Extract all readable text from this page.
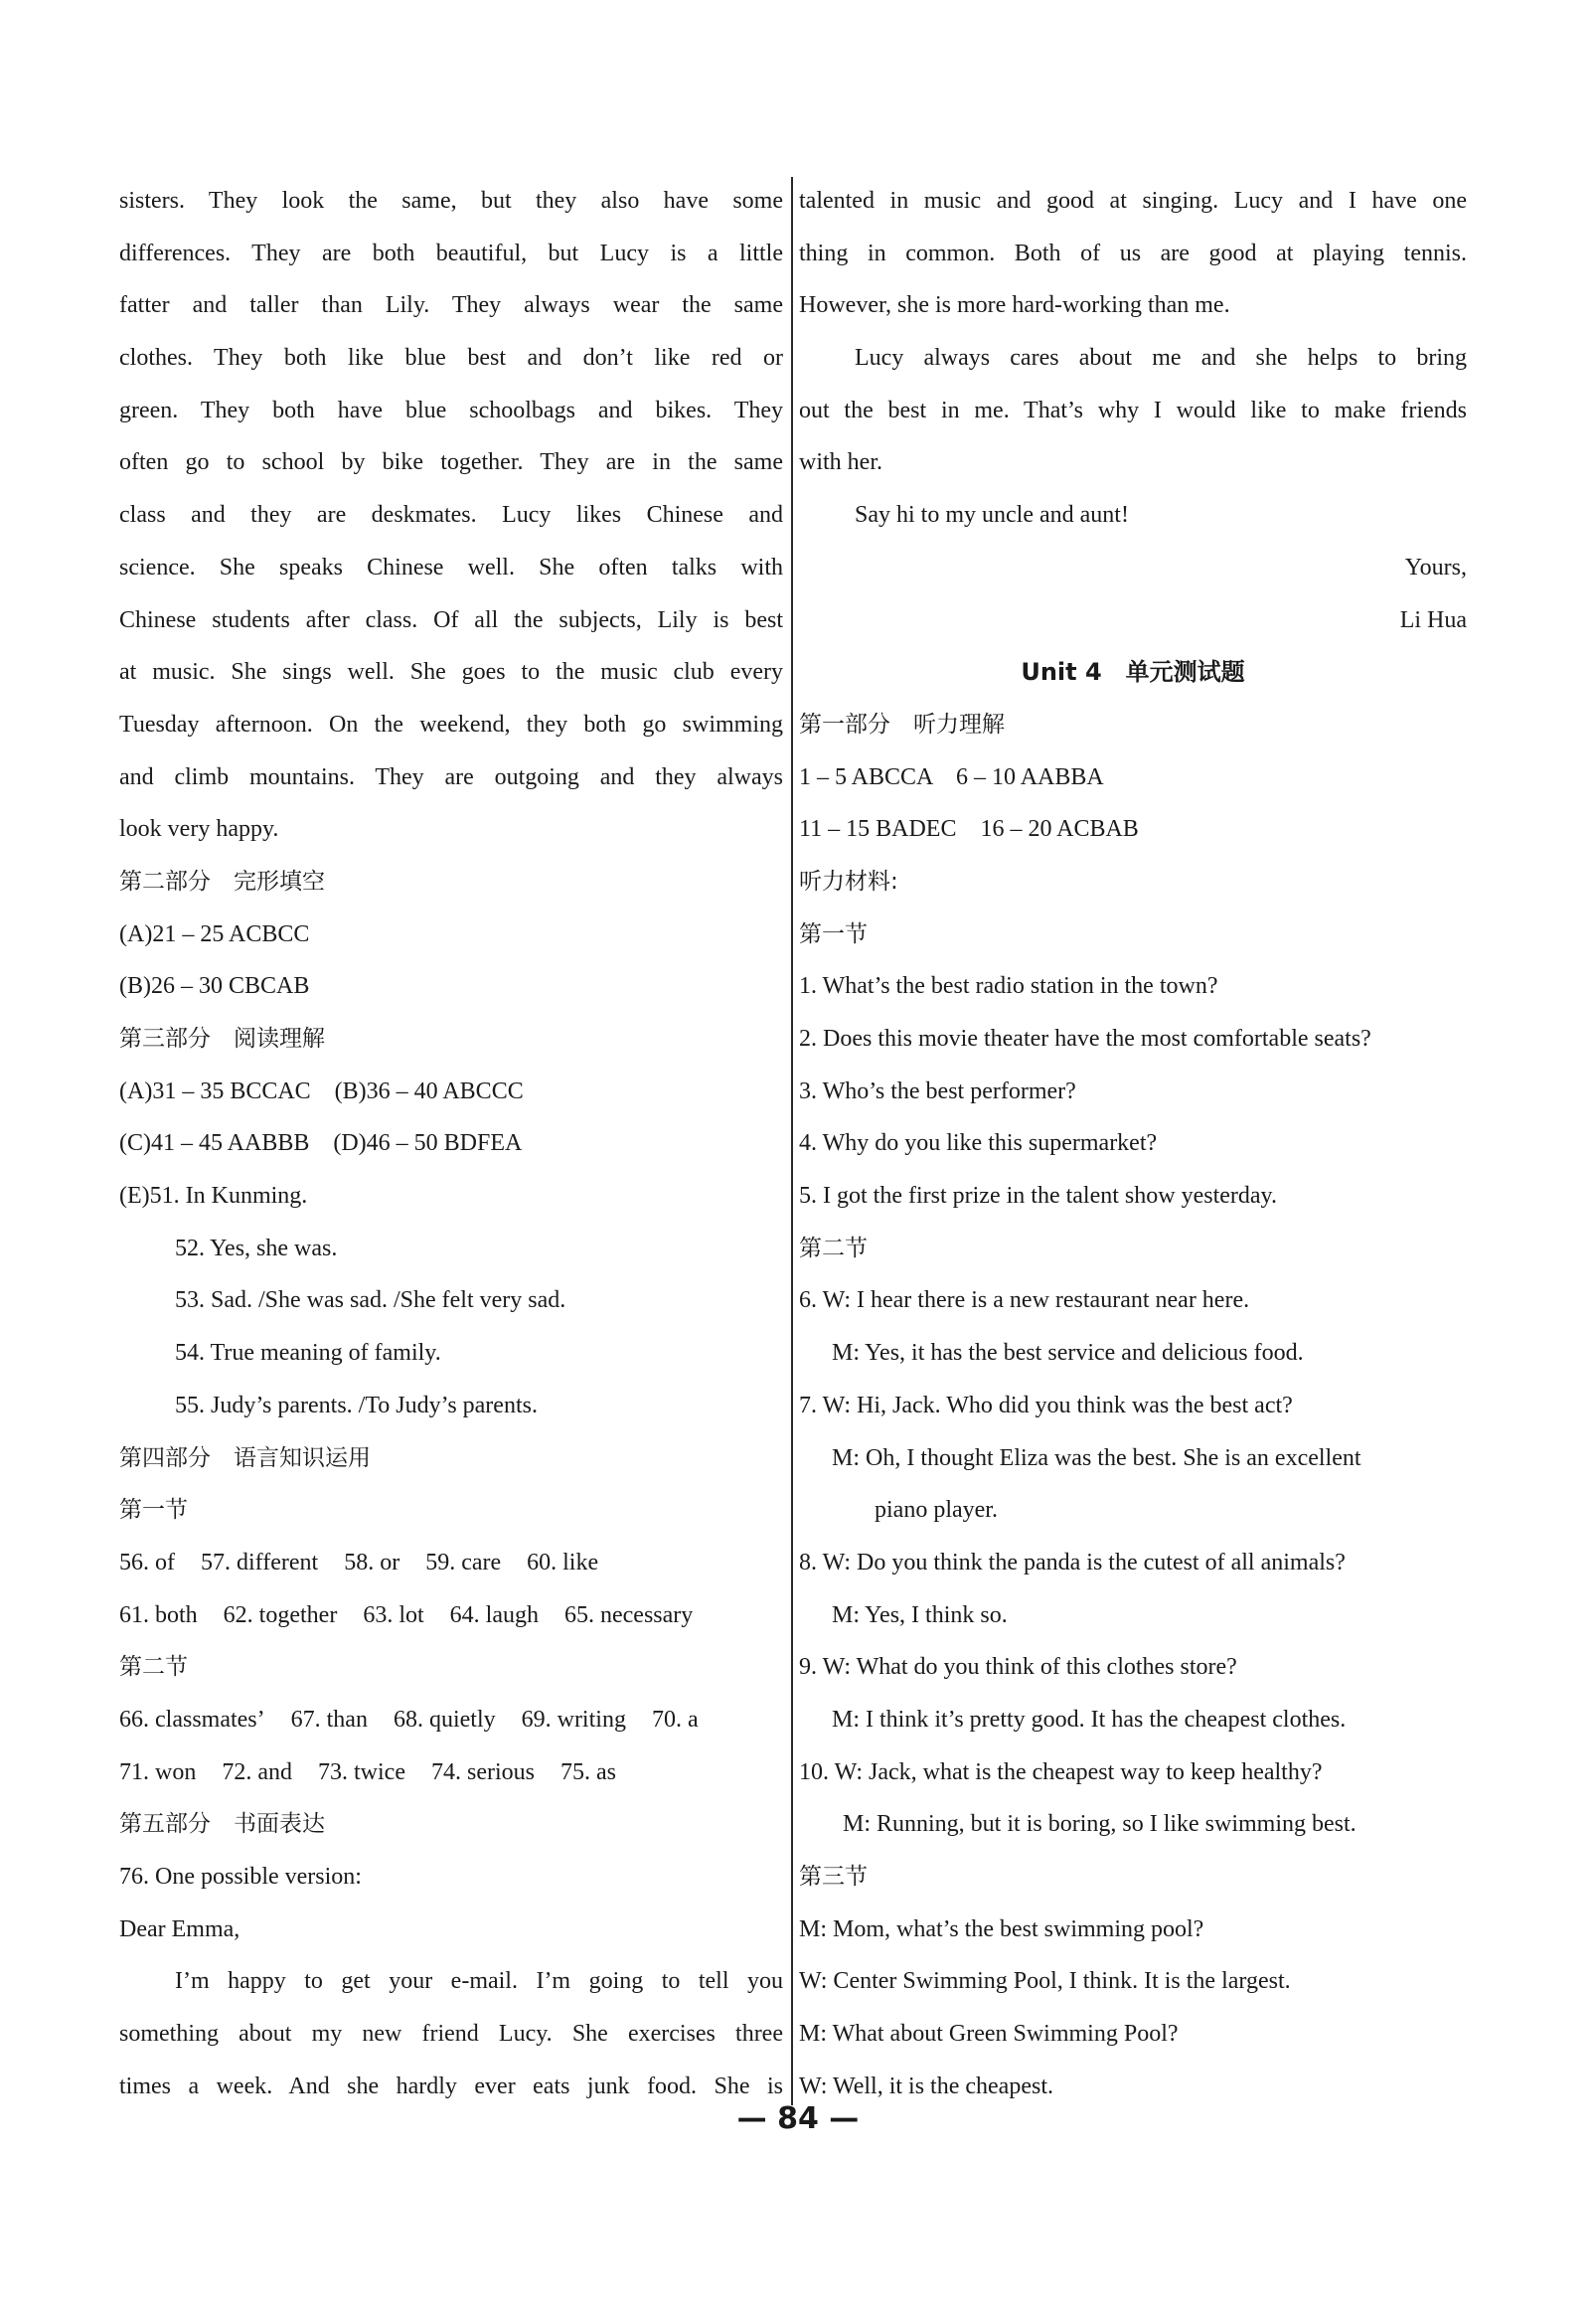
sisters. They look the same, but they also have some
differences. They are both beautiful, but Lucy is a little
fatter and taller than Lily. They always wear the same
clothes. They both like blue best and don’t like red or
green. They both have blue schoolbags and bikes. They
often go to school by bike together. They are in the same
class and they are deskmates. Lucy likes Chinese and
science. She speaks Chinese well. She often talks with
Chinese students after class. Of all the subjects, Lily is best
at music. She sings well. She goes to the music club every
Tuesday afternoon. On the weekend, they both go swimming
and climb mountains. They are outgoing and they always
look very happy.
第二部分　完形填空
(A)21 – 25 ACBCC
(B)26 – 30 CBCAB
第三部分　阅读理解
(A)31 – 35 BCCAC　(B)36 – 40 ABCCC
(C)41 – 45 AABBB　(D)46 – 50 BDFEA
(E)51. In Kunming.
52. Yes, she was.
53. Sad. /She was sad. /She felt very sad.
54. True meaning of family.
55. Judy’s parents. /To Judy’s parents.
第四部分　语言知识运用
第一节
56. of 57. different 58. or 59. care 60. like
61. both 62. together 63. lot 64. laugh 65. necessary
第二节
66. classmates’ 67. than 68. quietly 69. writing 70. a
71. won 72. and 73. twice 74. serious 75. as
第五部分　书面表达
76. One possible version:
Dear Emma,
I’m happy to get your e-mail. I’m going to tell you
something about my new friend Lucy. She exercises three
times a week. And she hardly ever eats junk food. She is
talented in music and good at singing. Lucy and I have one
thing in common. Both of us are good at playing tennis.
However, she is more hard-working than me.
Lucy always cares about me and she helps to bring
out the best in me. That’s why I would like to make friends
with her.
Say hi to my uncle and aunt!
Yours,
Li Hua
Unit 4　单元测试题
第一部分　听力理解
1 – 5 ABCCA　6 – 10 AABBA
11 – 15 BADEC　16 – 20 ACBAB
听力材料:
第一节
1. What’s the best radio station in the town?
2. Does this movie theater have the most comfortable seats?
3. Who’s the best performer?
4. Why do you like this supermarket?
5. I got the first prize in the talent show yesterday.
第二节
6. W: I hear there is a new restaurant near here.
M: Yes, it has the best service and delicious food.
7. W: Hi, Jack. Who did you think was the best act?
M: Oh, I thought Eliza was the best. She is an excellent
piano player.
8. W: Do you think the panda is the cutest of all animals?
M: Yes, I think so.
9. W: What do you think of this clothes store?
M: I think it’s pretty good. It has the cheapest clothes.
10. W: Jack, what is the cheapest way to keep healthy?
M: Running, but it is boring, so I like swimming best.
第三节
M: Mom, what’s the best swimming pool?
W: Center Swimming Pool, I think. It is the largest.
M: What about Green Swimming Pool?
W: Well, it is the cheapest.
— 84 —
